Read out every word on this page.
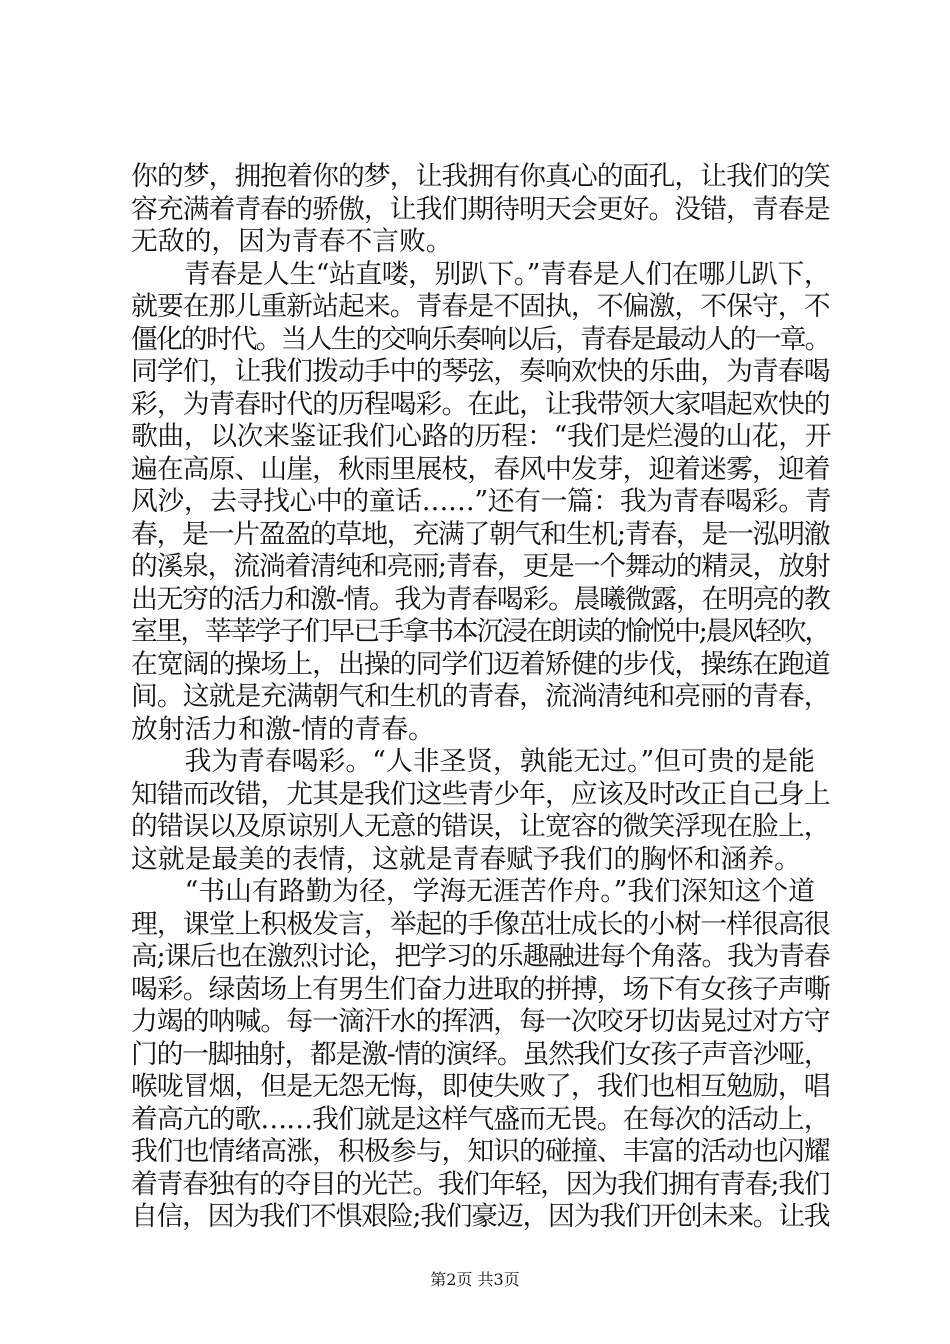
你的梦，拥抱着你的梦，让我拥有你真心的面孔，让我们的笑
容充满着青春的骄傲，让我们期待明天会更好。没错，青春是
无敌的，因为青春不言败。
　　青春是人生“站直喽，别趴下。”青春是人们在哪儿趴下，
就要在那儿重新站起来。青春是不固执，不偏激，不保守，不
僵化的时代。当人生的交响乐奏响以后，青春是最动人的一章。
同学们，让我们拨动手中的琴弦，奏响欢快的乐曲，为青春喝
彩，为青春时代的历程喝彩。在此，让我带领大家唱起欢快的
歌曲，以次来鉴证我们心路的历程：“我们是烂漫的山花，开
遍在高原、山崖，秋雨里展枝，春风中发芽，迎着迷雾，迎着
风沙，去寻找心中的童话……”还有一篇：我为青春喝彩。青
春，是一片盈盈的草地，充满了朝气和生机;青春，是一泓明澈
的溪泉，流淌着清纯和亮丽;青春，更是一个舞动的精灵，放射
出无穷的活力和激-情。我为青春喝彩。晨曦微露，在明亮的教
室里，莘莘学子们早已手拿书本沉浸在朗读的愉悦中;晨风轻吹，
在宽阔的操场上，出操的同学们迈着矫健的步伐，操练在跑道
间。这就是充满朝气和生机的青春，流淌清纯和亮丽的青春，
放射活力和激-情的青春。
　　我为青春喝彩。“人非圣贤，孰能无过。”但可贵的是能
知错而改错，尤其是我们这些青少年，应该及时改正自己身上
的错误以及原谅别人无意的错误，让宽容的微笑浮现在脸上，
这就是最美的表情，这就是青春赋予我们的胸怀和涵养。
　　“书山有路勤为径，学海无涯苦作舟。”我们深知这个道
理，课堂上积极发言，举起的手像茁壮成长的小树一样很高很
高;课后也在激烈讨论，把学习的乐趣融进每个角落。我为青春
喝彩。绿茵场上有男生们奋力进取的拼搏，场下有女孩子声嘶
力竭的呐喊。每一滴汗水的挥洒，每一次咬牙切齿晃过对方守
门的一脚抽射，都是激-情的演绎。虽然我们女孩子声音沙哑，
喉咙冒烟，但是无怨无悔，即使失败了，我们也相互勉励，唱
着高亢的歌……我们就是这样气盛而无畏。在每次的活动上，
我们也情绪高涨，积极参与，知识的碰撞、丰富的活动也闪耀
着青春独有的夺目的光芒。我们年轻，因为我们拥有青春;我们
自信，因为我们不惧艰险;我们豪迈，因为我们开创未来。让我
第2页 共3页
